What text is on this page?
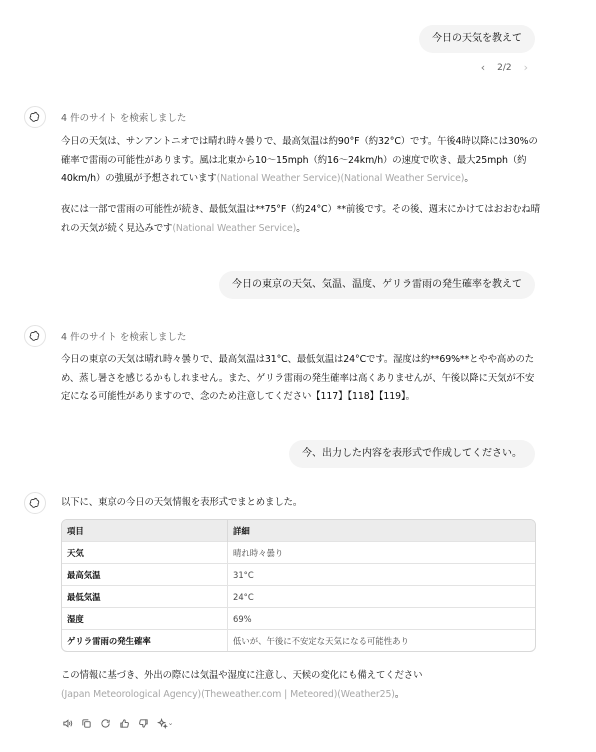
今日の天気を教えて
‹ 2/2 ›
4 件のサイト を検索しました
今日の天気は、サンアントニオでは晴れ時々曇りで、最高気温は約90°F（約32°C）です。午後4時以降には30%の確率で雷雨の可能性があります。風は北東から10〜15mph（約16〜24km/h）の速度で吹き、最大25mph（約40km/h）の強風が予想されています(National Weather Service)(National Weather Service)。
夜には一部で雷雨の可能性が続き、最低気温は**75°F（約24°C）**前後です。その後、週末にかけてはおおむね晴れの天気が続く見込みです(National Weather Service)。
今日の東京の天気、気温、温度、ゲリラ雷雨の発生確率を教えて
4 件のサイト を検索しました
今日の東京の天気は晴れ時々曇りで、最高気温は31°C、最低気温は24°Cです。湿度は約**69%**とやや高めのため、蒸し暑さを感じるかもしれません。また、ゲリラ雷雨の発生確率は高くありませんが、午後以降に天気が不安定になる可能性がありますので、念のため注意してください【117】【118】【119】。
今、出力した内容を表形式で作成してください。
以下に、東京の今日の天気情報を表形式でまとめました。
項目	詳細
天気	晴れ時々曇り
最高気温	31°C
最低気温	24°C
湿度	69%
ゲリラ雷雨の発生確率	低いが、午後に不安定な天気になる可能性あり
この情報に基づき、外出の際には気温や湿度に注意し、天候の変化にも備えてください
(Japan Meteorological Agency)(Theweather.com | Meteored)(Weather25)。
⌄
